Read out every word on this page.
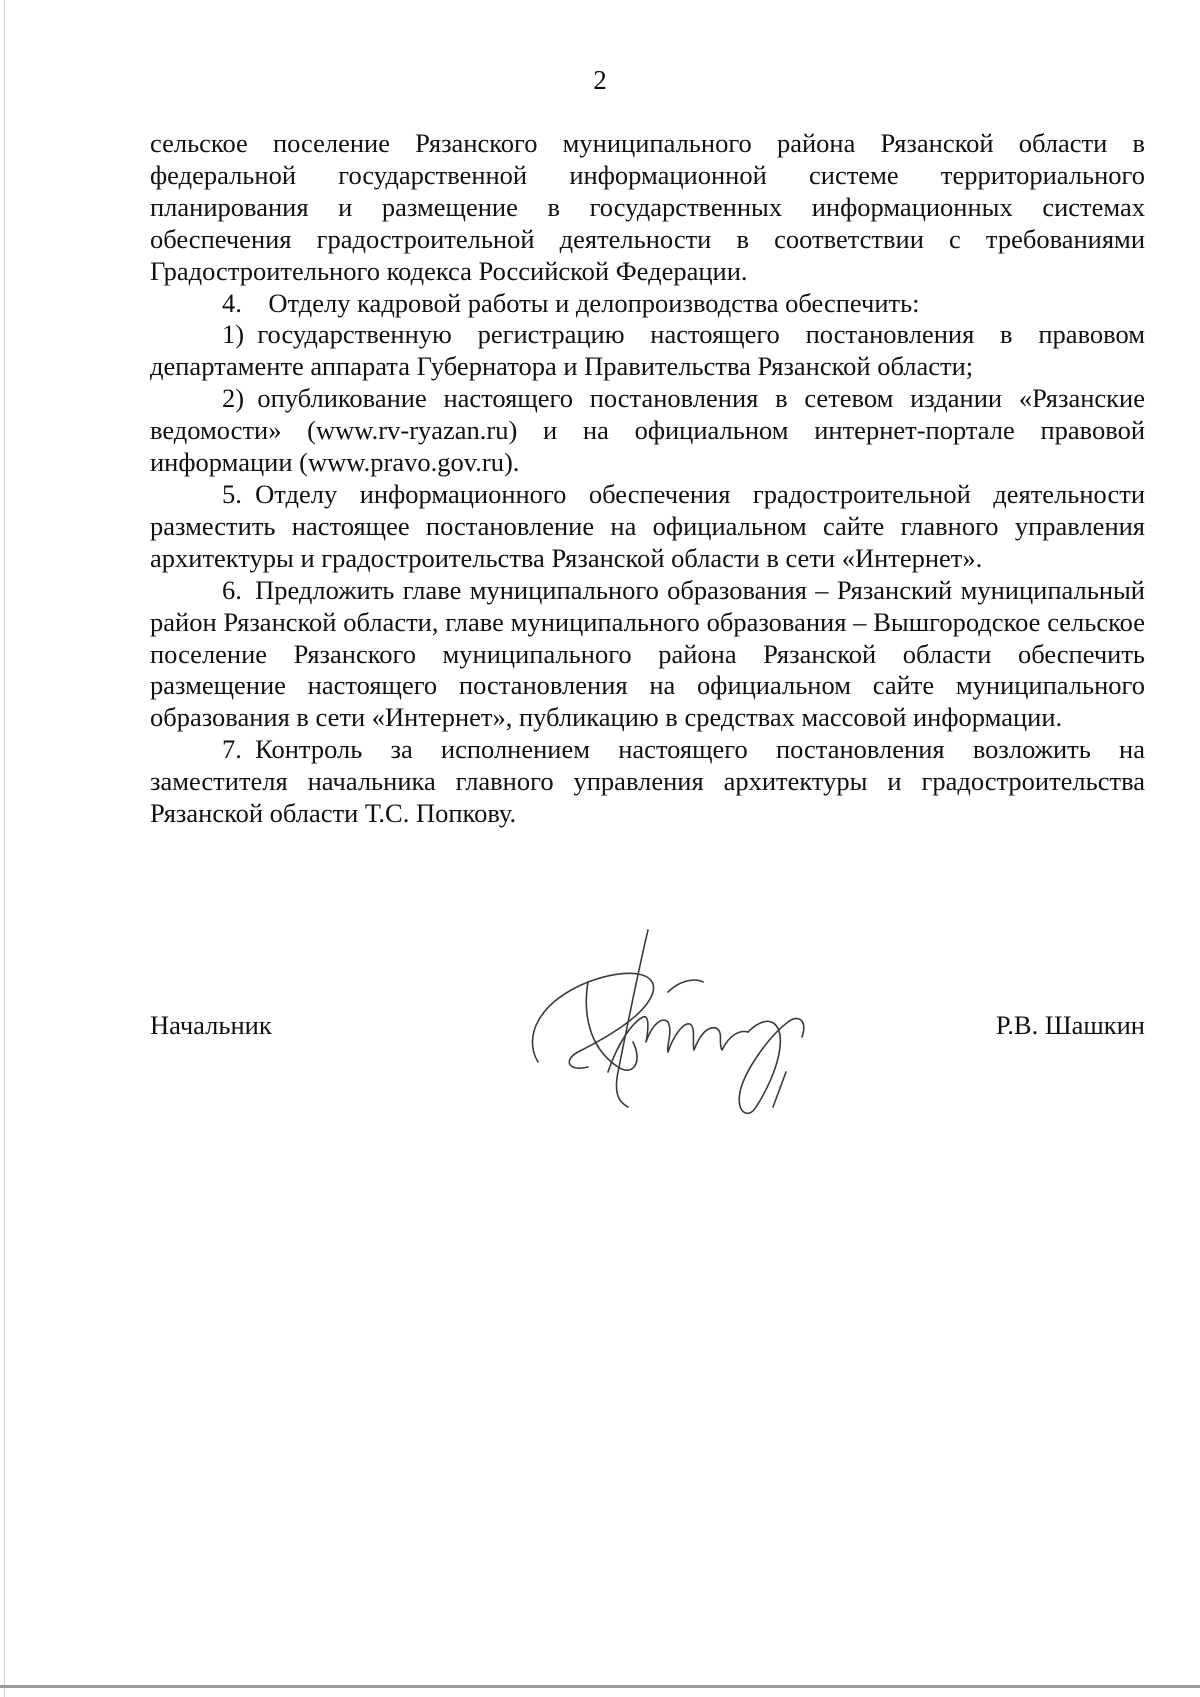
2

сельское поселение Рязанского муниципального района Рязанской области в федеральной государственной информационной системе территориального планирования и размещение в государственных информационных системах обеспечения градостроительной деятельности в соответствии с требованиями Градостроительного кодекса Российской Федерации.

4. Отделу кадровой работы и делопроизводства обеспечить:

1) государственную регистрацию настоящего постановления в правовом департаменте аппарата Губернатора и Правительства Рязанской области;

2) опубликование настоящего постановления в сетевом издании «Рязанские ведомости» (www.rv-ryazan.ru) и на официальном интернет-портале правовой информации (www.pravo.gov.ru).

5. Отделу информационного обеспечения градостроительной деятельности разместить настоящее постановление на официальном сайте главного управления архитектуры и градостроительства Рязанской области в сети «Интернет».

6. Предложить главе муниципального образования – Рязанский муниципальный район Рязанской области, главе муниципального образования – Вышгородское сельское поселение Рязанского муниципального района Рязанской области обеспечить размещение настоящего постановления на официальном сайте муниципального образования в сети «Интернет», публикацию в средствах массовой информации.

7. Контроль за исполнением настоящего постановления возложить на заместителя начальника главного управления архитектуры и градостроительства Рязанской области Т.С. Попкову.

Начальник	Р.В. Шашкин
